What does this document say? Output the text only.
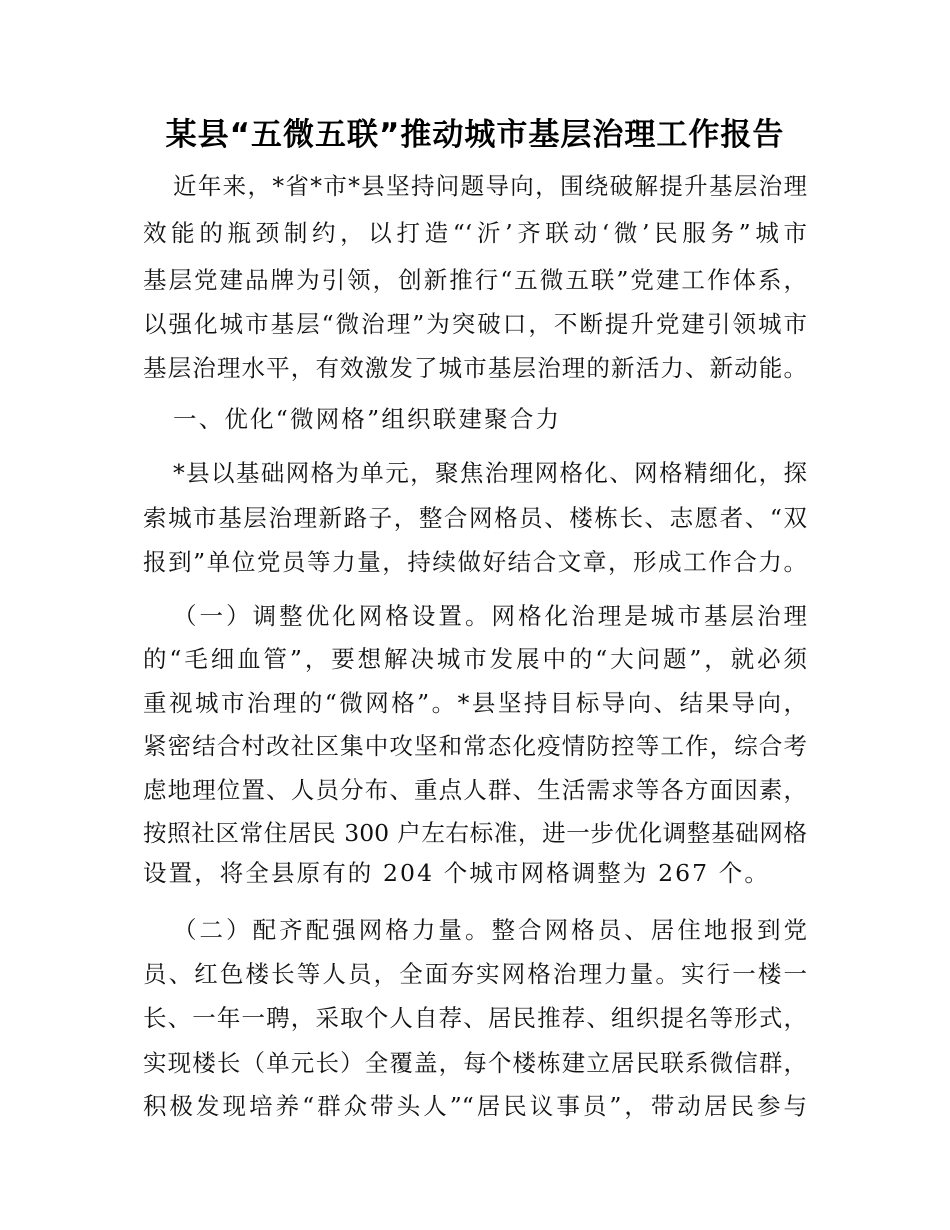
某县“五微五联”推动城市基层治理工作报告
近年来，*省*市*县坚持问题导向，围绕破解提升基层治理
效能的瓶颈制约，以打造“‘沂’齐联动‘微’民服务”城市
基层党建品牌为引领，创新推行“五微五联”党建工作体系，
以强化城市基层“微治理”为突破口，不断提升党建引领城市
基层治理水平，有效激发了城市基层治理的新活力、新动能。
一、优化“微网格”组织联建聚合力
*县以基础网格为单元，聚焦治理网格化、网格精细化，探
索城市基层治理新路子，整合网格员、楼栋长、志愿者、“双
报到”单位党员等力量，持续做好结合文章，形成工作合力。
（一）调整优化网格设置。网格化治理是城市基层治理
的“毛细血管”，要想解决城市发展中的“大问题”，就必须
重视城市治理的“微网格”。*县坚持目标导向、结果导向，
紧密结合村改社区集中攻坚和常态化疫情防控等工作，综合考
虑地理位置、人员分布、重点人群、生活需求等各方面因素，
按照社区常住居民 300 户左右标准，进一步优化调整基础网格
设置，将全县原有的 204 个城市网格调整为 267 个。
（二）配齐配强网格力量。整合网格员、居住地报到党
员、红色楼长等人员，全面夯实网格治理力量。实行一楼一
长、一年一聘，采取个人自荐、居民推荐、组织提名等形式，
实现楼长（单元长）全覆盖，每个楼栋建立居民联系微信群，
积极发现培养“群众带头人”“居民议事员”，带动居民参与
